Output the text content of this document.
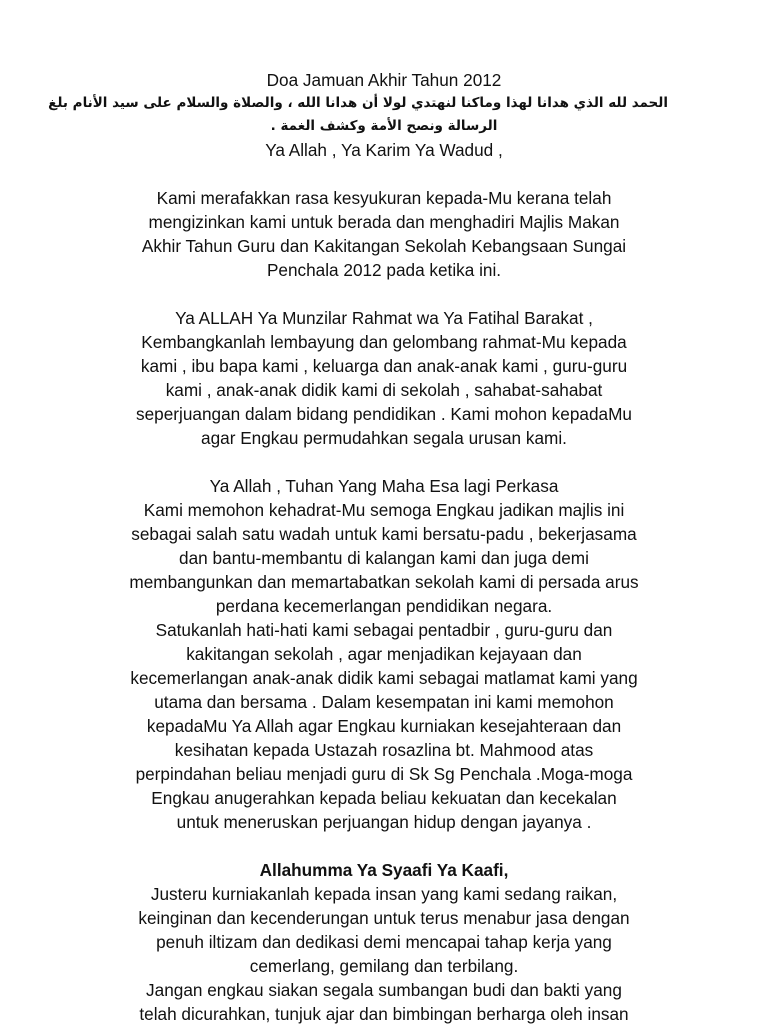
Doa Jamuan Akhir Tahun 2012
الحمد لله الذي هدانا لهذا وماكنا لنهتدي لولا أن هدانا الله ، والصلاة والسلام على سيد الأنام بلغ
الرسالة ونصح الأمة وكشف الغمة .
Ya Allah , Ya Karim Ya Wadud ,
Kami merafakkan rasa kesyukuran kepada-Mu kerana telah
mengizinkan kami untuk berada dan menghadiri Majlis Makan
Akhir Tahun Guru dan Kakitangan Sekolah Kebangsaan Sungai
Penchala 2012 pada ketika ini.
Ya ALLAH Ya Munzilar Rahmat wa Ya Fatihal Barakat ,
Kembangkanlah lembayung dan gelombang rahmat-Mu kepada
kami , ibu bapa kami , keluarga dan anak-anak kami , guru-guru
kami , anak-anak didik kami di sekolah , sahabat-sahabat
seperjuangan dalam bidang pendidikan . Kami mohon kepadaMu
agar Engkau permudahkan segala urusan kami.
Ya Allah , Tuhan Yang Maha Esa lagi Perkasa
Kami memohon kehadrat-Mu semoga Engkau jadikan majlis ini
sebagai salah satu wadah untuk kami bersatu-padu , bekerjasama
dan bantu-membantu di kalangan kami dan juga demi
membangunkan dan memartabatkan sekolah kami di persada arus
perdana kecemerlangan pendidikan negara.
Satukanlah hati-hati kami sebagai pentadbir , guru-guru dan
kakitangan sekolah , agar menjadikan kejayaan dan
kecemerlangan anak-anak didik kami sebagai matlamat kami yang
utama dan bersama . Dalam kesempatan ini kami memohon
kepadaMu Ya Allah agar Engkau kurniakan kesejahteraan dan
kesihatan kepada Ustazah rosazlina bt. Mahmood atas
perpindahan beliau menjadi guru di Sk Sg Penchala .Moga-moga
Engkau anugerahkan kepada beliau kekuatan dan kecekalan
untuk meneruskan perjuangan hidup dengan jayanya .
Allahumma Ya Syaafi Ya Kaafi,
Justeru kurniakanlah kepada insan yang kami sedang raikan,
keinginan dan kecenderungan untuk terus menabur jasa dengan
penuh iltizam dan dedikasi demi mencapai tahap kerja yang
cemerlang, gemilang dan terbilang.
Jangan engkau siakan segala sumbangan budi dan bakti yang
telah dicurahkan, tunjuk ajar dan bimbingan berharga oleh insan
